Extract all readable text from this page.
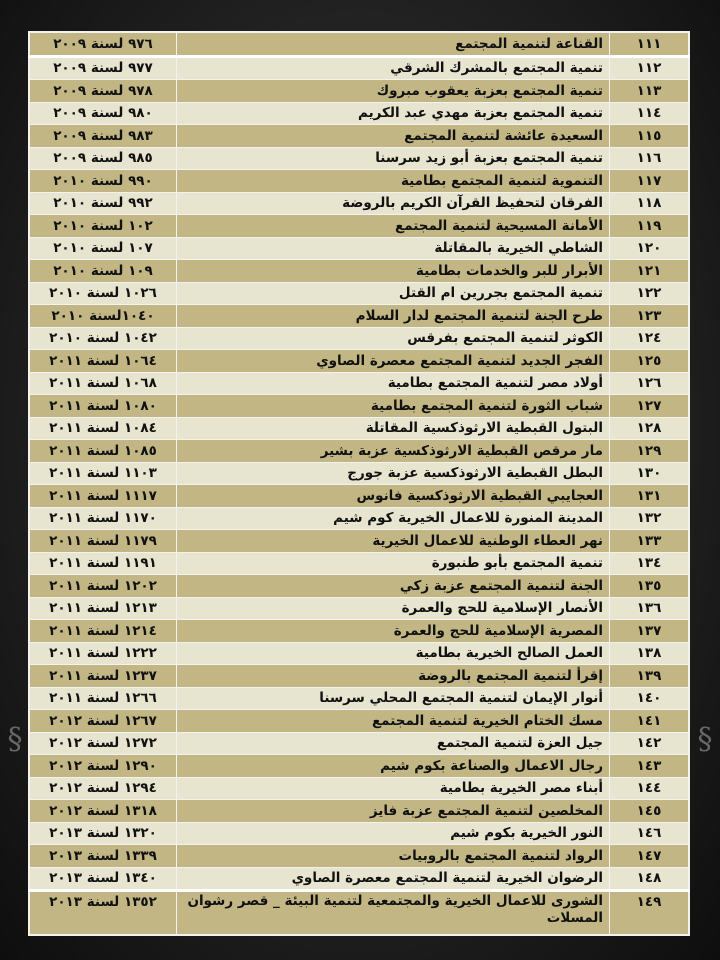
§	§
١١١	القناعة لتنمية المجتمع	٩٧٦ لسنة ٢٠٠٩
١١٢	تنمية المجتمع بالمشرك الشرقي	٩٧٧ لسنة ٢٠٠٩
١١٣	تنمية المجتمع بعزبة يعقوب مبروك	٩٧٨ لسنة ٢٠٠٩
١١٤	تنمية المجتمع بعزبة مهدي عبد الكريم	٩٨٠ لسنة ٢٠٠٩
١١٥	السعيدة عائشة لتنمية المجتمع	٩٨٣ لسنة ٢٠٠٩
١١٦	تنمية المجتمع بعزبة أبو زيد سرسنا	٩٨٥ لسنة ٢٠٠٩
١١٧	التنموية لتنمية المجتمع بطامية	٩٩٠ لسنة ٢٠١٠
١١٨	الفرقان لتحفيظ القرآن الكريم بالروضة	٩٩٢ لسنة ٢٠١٠
١١٩	الأمانة المسيحية لتنمية المجتمع	١٠٢ لسنة ٢٠١٠
١٢٠	الشاطي الخيرية بالمقاتلة	١٠٧ لسنة ٢٠١٠
١٢١	الأبرار للبر والخدمات بطامية	١٠٩ لسنة ٢٠١٠
١٢٢	تنمية المجتمع بجررين ام القتل	١٠٢٦ لسنة ٢٠١٠
١٢٣	طرح الجنة لتنمية المجتمع لدار السلام	١٠٤٠لسنة ٢٠١٠
١٢٤	الكوثر لتنمية المجتمع بفرقس	١٠٤٢ لسنة ٢٠١٠
١٢٥	الفجر الجديد لتنمية المجتمع معصرة الصاوي	١٠٦٤ لسنة ٢٠١١
١٢٦	أولاد مصر لتنمية المجتمع بطامية	١٠٦٨ لسنة ٢٠١١
١٢٧	شباب الثورة لتنمية المجتمع بطامية	١٠٨٠ لسنة ٢٠١١
١٢٨	البتول القبطية الارثوذكسية المقاتلة	١٠٨٤ لسنة ٢٠١١
١٢٩	مار مرقص القبطية الارثوذكسية عزبة بشير	١٠٨٥ لسنة ٢٠١١
١٣٠	البطل القبطية الارثوذكسية عزبة جورج	١١٠٣ لسنة ٢٠١١
١٣١	العجايبي القبطية الارثوذكسية فانوس	١١١٧ لسنة ٢٠١١
١٣٢	المدينة المنورة للاعمال الخيرية كوم شيم	١١٧٠ لسنة ٢٠١١
١٣٣	نهر العطاء الوطنية للاعمال الخيرية	١١٧٩ لسنة ٢٠١١
١٣٤	تنمية المجتمع بأبو طنبورة	١١٩١ لسنة ٢٠١١
١٣٥	الجنة لتنمية المجتمع عزبة زكي	١٢٠٢ لسنة ٢٠١١
١٣٦	الأنصار الإسلامية للحج والعمرة	١٢١٣ لسنة ٢٠١١
١٣٧	المصرية الإسلامية للحج والعمرة	١٢١٤ لسنة ٢٠١١
١٣٨	العمل الصالح الخيرية بطامية	١٢٢٢ لسنة ٢٠١١
١٣٩	إقرأ لتنمية المجتمع بالروضة	١٢٣٧ لسنة ٢٠١١
١٤٠	أنوار الإيمان لتنمية المجتمع المحلي سرسنا	١٢٦٦ لسنة ٢٠١١
١٤١	مسك الختام الخيرية لتنمية المجتمع	١٢٦٧ لسنة ٢٠١٢
١٤٢	جيل العزة لتنمية المجتمع	١٢٧٢ لسنة ٢٠١٢
١٤٣	رجال الاعمال والصناعة بكوم شيم	١٢٩٠ لسنة ٢٠١٢
١٤٤	أبناء مصر الخيرية بطامية	١٢٩٤ لسنة ٢٠١٢
١٤٥	المخلصين لتنمية المجتمع عزبة فايز	١٣١٨ لسنة ٢٠١٢
١٤٦	النور الخيرية بكوم شيم	١٣٢٠ لسنة ٢٠١٣
١٤٧	الرواد لتنمية المجتمع بالروبيات	١٣٣٩ لسنة ٢٠١٣
١٤٨	الرضوان الخيرية لتنمية المجتمع معصرة الصاوي	١٣٤٠ لسنة ٢٠١٣
١٤٩	الشورى للاعمال الخيرية والمجتمعية لتنمية البيئة _ قصر رشوان المسلات	١٣٥٢ لسنة ٢٠١٣
